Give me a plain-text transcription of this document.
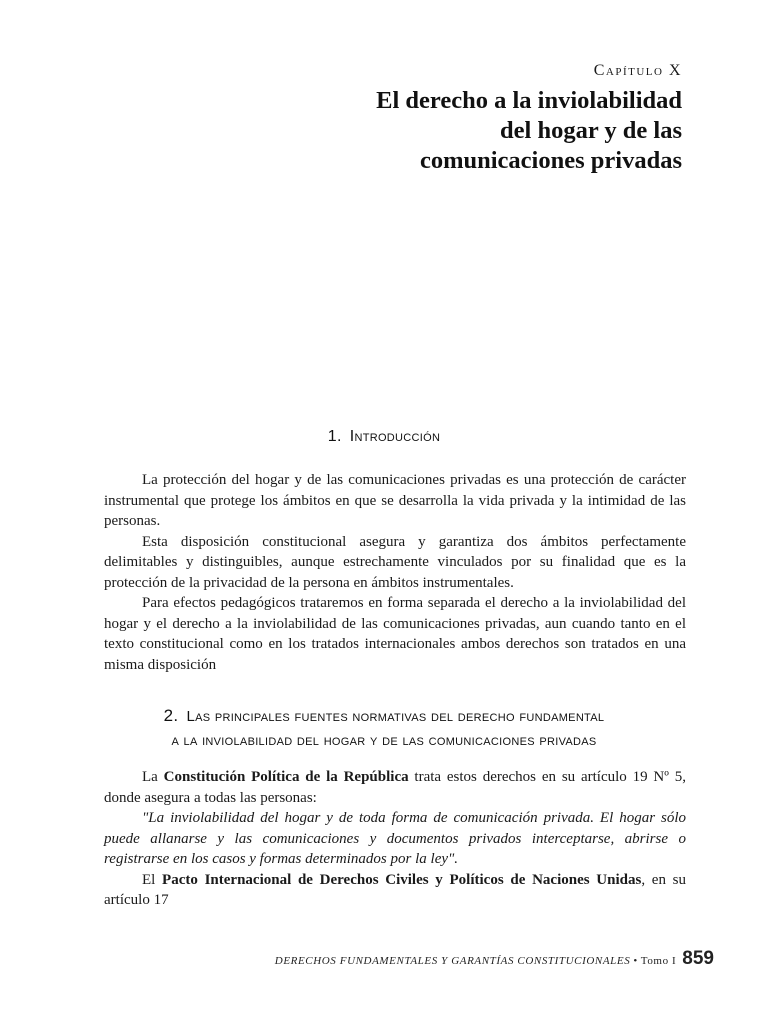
Capítulo X
El derecho a la inviolabilidad
del hogar y de las
comunicaciones privadas
1. Introducción

La protección del hogar y de las comunicaciones privadas es una protección de carácter instrumental que protege los ámbitos en que se desarrolla la vida privada y la intimidad de las personas.

Esta disposición constitucional asegura y garantiza dos ámbitos perfectamente delimitables y distinguibles, aunque estrechamente vinculados por su finalidad que es la protección de la privacidad de la persona en ámbitos instrumentales.

Para efectos pedagógicos trataremos en forma separada el derecho a la inviolabilidad del hogar y el derecho a la inviolabilidad de las comunicaciones privadas, aun cuando tanto en el texto constitucional como en los tratados internacionales ambos derechos son tratados en una misma disposición

2. Las principales fuentes normativas del derecho fundamental
a la inviolabilidad del hogar y de las comunicaciones privadas

La Constitución Política de la República trata estos derechos en su artículo 19 Nº 5, donde asegura a todas las personas:

"La inviolabilidad del hogar y de toda forma de comunicación privada. El hogar sólo puede allanarse y las comunicaciones y documentos privados interceptarse, abrirse o registrarse en los casos y formas determinados por la ley".

El Pacto Internacional de Derechos Civiles y Políticos de Naciones Unidas, en su artículo 17

DERECHOS FUNDAMENTALES Y GARANTÍAS CONSTITUCIONALES • Tomo I 859
